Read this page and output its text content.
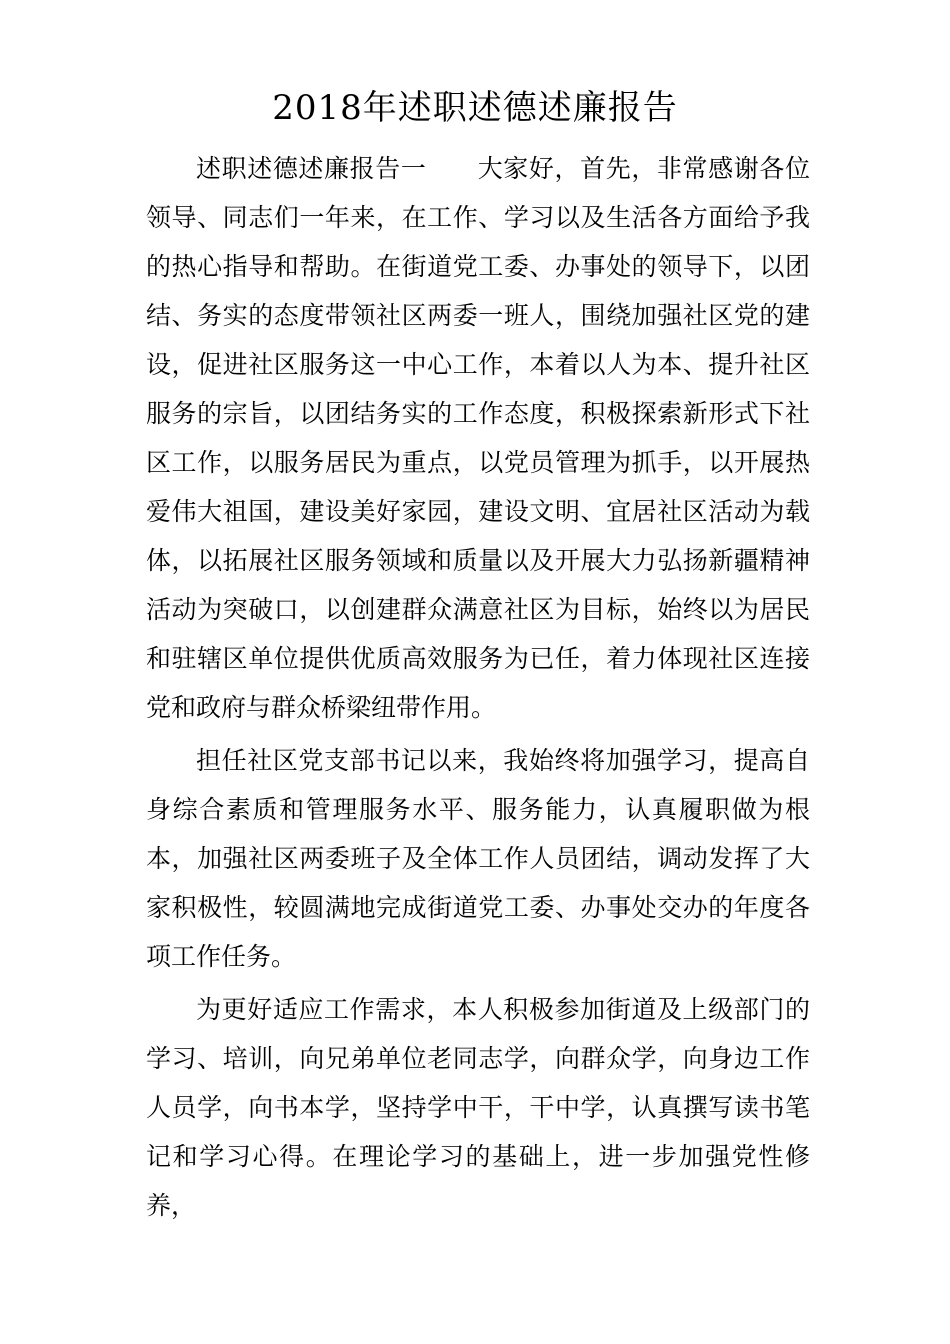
2018年述职述德述廉报告

述职述德述廉报告一　　大家好，首先，非常感谢各位领导、同志们一年来，在工作、学习以及生活各方面给予我的热心指导和帮助。在街道党工委、办事处的领导下，以团结、务实的态度带领社区两委一班人，围绕加强社区党的建设，促进社区服务这一中心工作，本着以人为本、提升社区服务的宗旨，以团结务实的工作态度，积极探索新形式下社区工作，以服务居民为重点，以党员管理为抓手，以开展热爱伟大祖国，建设美好家园，建设文明、宜居社区活动为载体，以拓展社区服务领域和质量以及开展大力弘扬新疆精神活动为突破口，以创建群众满意社区为目标，始终以为居民和驻辖区单位提供优质高效服务为已任，着力体现社区连接党和政府与群众桥梁纽带作用。

担任社区党支部书记以来，我始终将加强学习，提高自身综合素质和管理服务水平、服务能力，认真履职做为根本，加强社区两委班子及全体工作人员团结，调动发挥了大家积极性，较圆满地完成街道党工委、办事处交办的年度各项工作任务。

为更好适应工作需求，本人积极参加街道及上级部门的学习、培训，向兄弟单位老同志学，向群众学，向身边工作人员学，向书本学，坚持学中干，干中学，认真撰写读书笔记和学习心得。在理论学习的基础上，进一步加强党性修养，
